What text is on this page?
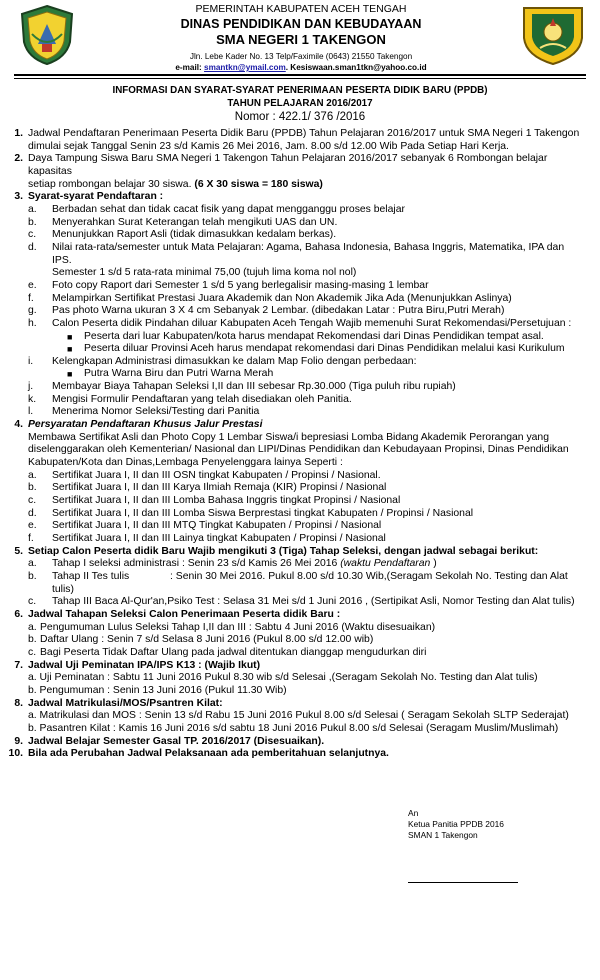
PEMERINTAH KABUPATEN ACEH TENGAH
DINAS PENDIDIKAN DAN KEBUDAYAAN
SMA NEGERI 1 TAKENGON
Jln. Lebe Kader No. 13 Telp/Faximile (0643) 21550 Takengon
e-mail: smantkn@ymail.com. Kesiswaan.sman1tkn@yahoo.co.id
INFORMASI DAN SYARAT-SYARAT PENERIMAAN PESERTA DIDIK BARU (PPDB)
TAHUN PELAJARAN 2016/2017
Nomor : 422.1/ 376 /2016
1. Jadwal Pendaftaran Penerimaan Peserta Didik Baru (PPDB) Tahun Pelajaran 2016/2017 untuk SMA Negeri 1 Takengon
dimulai sejak Tanggal Senin 23 s/d Kamis 26 Mei 2016, Jam. 8.00 s/d 12.00 Wib Pada Setiap Hari Kerja.
2. Daya Tampung Siswa Baru SMA Negeri 1 Takengon Tahun Pelajaran 2016/2017 sebanyak 6 Rombongan belajar kapasitas
setiap rombongan belajar 30 siswa. (6 X 30 siswa = 180 siswa)
3. Syarat-syarat Pendaftaran :
a.	Berbadan sehat dan tidak cacat fisik yang dapat mengganggu proses belajar
b.	Menyerahkan Surat Keterangan telah mengikuti UAS dan UN.
c.	Menunjukkan Raport Asli (tidak dimasukkan kedalam berkas).
d.	Nilai rata-rata/semester untuk Mata Pelajaran: Agama, Bahasa Indonesia, Bahasa Inggris, Matematika, IPA dan IPS.
Semester 1 s/d 5 rata-rata minimal 75,00 (tujuh lima koma nol nol)
e.	Foto copy Raport dari Semester 1 s/d 5 yang berlegalisir masing-masing 1 lembar
f.	Melampirkan Sertifikat Prestasi Juara Akademik dan Non Akademik Jika Ada (Menunjukkan Aslinya)
g.	Pas photo Warna ukuran 3 X 4 cm Sebanyak 2 Lembar. (dibedakan Latar : Putra Biru,Putri Merah)
h.	Calon Peserta didik Pindahan diluar Kabupaten Aceh Tengah Wajib memenuhi Surat Rekomendasi/Persetujuan :
■	Peserta dari luar Kabupaten/kota harus mendapat Rekomendasi dari Dinas Pendidikan tempat asal.
■	Peserta diluar Provinsi Aceh harus mendapat rekomendasi dari Dinas Pendidikan melalui kasi Kurikulum
i.	Kelengkapan Administrasi dimasukkan ke dalam Map Folio dengan perbedaan:
■	Putra Warna Biru dan Putri Warna Merah
j.	Membayar Biaya Tahapan Seleksi I,II dan III sebesar Rp.30.000 (Tiga puluh ribu rupiah)
k.	Mengisi Formulir Pendaftaran yang telah disediakan oleh Panitia.
l.	Menerima Nomor Seleksi/Testing dari Panitia
4. Persyaratan Pendaftaran Khusus Jalur Prestasi
Membawa Sertifikat Asli dan Photo Copy 1 Lembar Siswa/i bepresiasi Lomba Bidang Akademik Perorangan yang
diselenggarakan oleh Kementerian/ Nasional dan LIPI/Dinas Pendidikan dan Kebudayaan Propinsi, Dinas Pendidikan
Kabupaten/Kota dan Dinas,Lembaga Penyelenggara lainya Seperti :
a.	Sertifikat Juara I, II dan III OSN tingkat Kabupaten / Propinsi / Nasional.
b.	Sertifikat Juara I, II dan III Karya Ilmiah Remaja (KIR) Propinsi / Nasional
c.	Sertifikat Juara I, II dan III Lomba Bahasa Inggris tingkat Propinsi / Nasional
d.	Sertifikat Juara I, II dan III Lomba Siswa Berprestasi tingkat Kabupaten / Propinsi / Nasional
e.	Sertifikat Juara I, II dan III MTQ Tingkat Kabupaten / Propinsi / Nasional
f.	Sertifikat Juara I, II dan III Lainya tingkat Kabupaten / Propinsi / Nasional
5. Setiap Calon Peserta didik Baru Wajib mengikuti 3 (Tiga) Tahap Seleksi, dengan jadwal sebagai berikut:
a.	Tahap I seleksi administrasi : Senin 23 s/d Kamis 26 Mei 2016 (waktu Pendaftaran )
b.	Tahap II Tes tulis	: Senin 30 Mei 2016. Pukul 8.00 s/d 10.30 Wib,(Seragam Sekolah No. Testing dan Alat tulis)
c.	Tahap III Baca Al-Qur'an,Psiko Test : Selasa 31 Mei s/d 1 Juni 2016 , (Sertipikat Asli, Nomor Testing dan Alat tulis)
6. Jadwal Tahapan Seleksi Calon Penerimaan Peserta didik Baru :
a. Pengumuman Lulus Seleksi Tahap I,II dan III : Sabtu 4 Juni 2016 (Waktu disesuaikan)
b. Daftar Ulang : Senin 7 s/d Selasa 8 Juni 2016 (Pukul 8.00 s/d 12.00 wib)
c. Bagi Peserta Tidak Daftar Ulang pada jadwal ditentukan dianggap mengudurkan diri
7. Jadwal Uji Peminatan IPA/IPS K13 : (Wajib Ikut)
a. Uji Peminatan : Sabtu 11 Juni 2016 Pukul 8.30 wib s/d Selesai ,(Seragam Sekolah No. Testing dan Alat tulis)
b. Pengumuman : Senin 13 Juni 2016 (Pukul 11.30 Wib)
8. Jadwal Matrikulasi/MOS/Psantren Kilat:
a. Matrikulasi dan MOS : Senin 13 s/d Rabu 15 Juni 2016 Pukul 8.00 s/d Selesai ( Seragam Sekolah SLTP Sederajat)
b. Pasantren Kilat : Kamis 16 Juni 2016 s/d sabtu 18 Juni 2016 Pukul 8.00 s/d Selesai (Seragam Muslim/Muslimah)
9. Jadwal Belajar Semester Gasal TP. 2016/2017 (Disesuaikan).
10. Bila ada Perubahan Jadwal Pelaksanaan ada pemberitahuan selanjutnya.
An
Ketua Panitia PPDB 2016
SMAN 1 Takengon
